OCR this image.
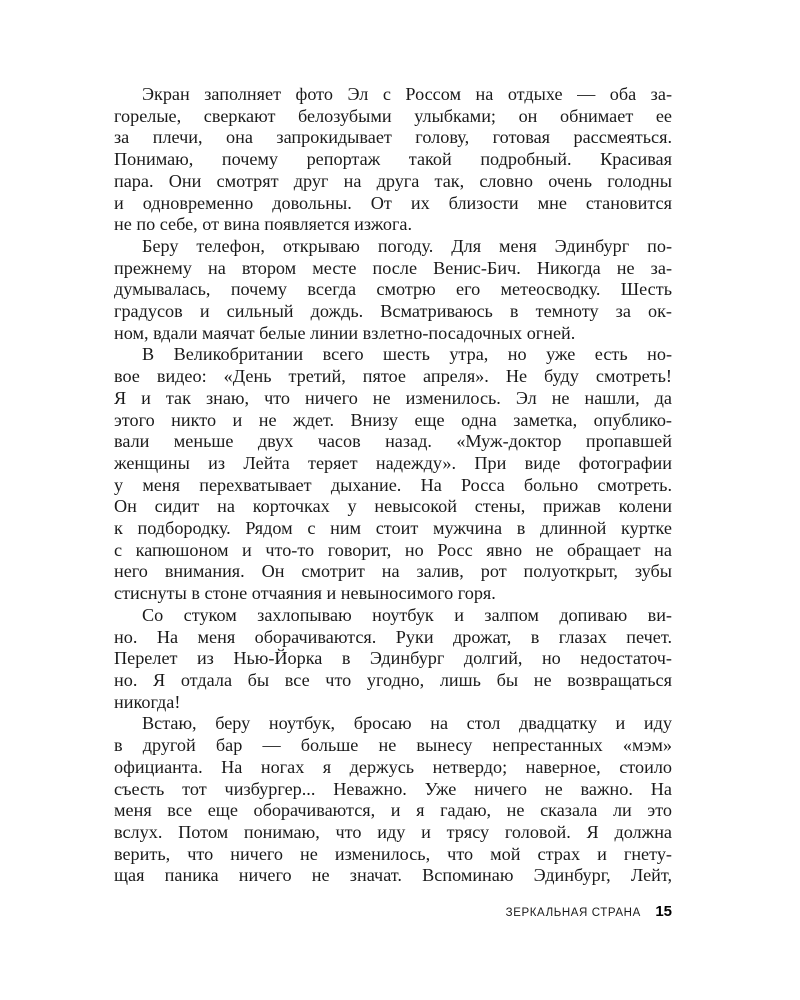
Экран заполняет фото Эл с Россом на отдыхе — оба за-
горелые, сверкают белозубыми улыбками; он обнимает ее
за плечи, она запрокидывает голову, готовая рассмеяться.
Понимаю, почему репортаж такой подробный. Красивая
пара. Они смотрят друг на друга так, словно очень голодны
и одновременно довольны. От их близости мне становится
не по себе, от вина появляется изжога.

Беру телефон, открываю погоду. Для меня Эдинбург по-
прежнему на втором месте после Венис-Бич. Никогда не за-
думывалась, почему всегда смотрю его метеосводку. Шесть
градусов и сильный дождь. Всматриваюсь в темноту за ок-
ном, вдали маячат белые линии взлетно-посадочных огней.

В Великобритании всего шесть утра, но уже есть но-
вое видео: «День третий, пятое апреля». Не буду смотреть!
Я и так знаю, что ничего не изменилось. Эл не нашли, да
этого никто и не ждет. Внизу еще одна заметка, опублико-
вали меньше двух часов назад. «Муж-доктор пропавшей
женщины из Лейта теряет надежду». При виде фотографии
у меня перехватывает дыхание. На Росса больно смотреть.
Он сидит на корточках у невысокой стены, прижав колени
к подбородку. Рядом с ним стоит мужчина в длинной куртке
с капюшоном и что-то говорит, но Росс явно не обращает на
него внимания. Он смотрит на залив, рот полуоткрыт, зубы
стиснуты в стоне отчаяния и невыносимого горя.

Со стуком захлопываю ноутбук и залпом допиваю ви-
но. На меня оборачиваются. Руки дрожат, в глазах печет.
Перелет из Нью-Йорка в Эдинбург долгий, но недостаточ-
но. Я отдала бы все что угодно, лишь бы не возвращаться
никогда!

Встаю, беру ноутбук, бросаю на стол двадцатку и иду
в другой бар — больше не вынесу непрестанных «мэм»
официанта. На ногах я держусь нетвердо; наверное, стоило
съесть тот чизбургер... Неважно. Уже ничего не важно. На
меня все еще оборачиваются, и я гадаю, не сказала ли это
вслух. Потом понимаю, что иду и трясу головой. Я должна
верить, что ничего не изменилось, что мой страх и гнету-
щая паника ничего не значат. Вспоминаю Эдинбург, Лейт,

ЗЕРКАЛЬНАЯ СТРАНА 15
